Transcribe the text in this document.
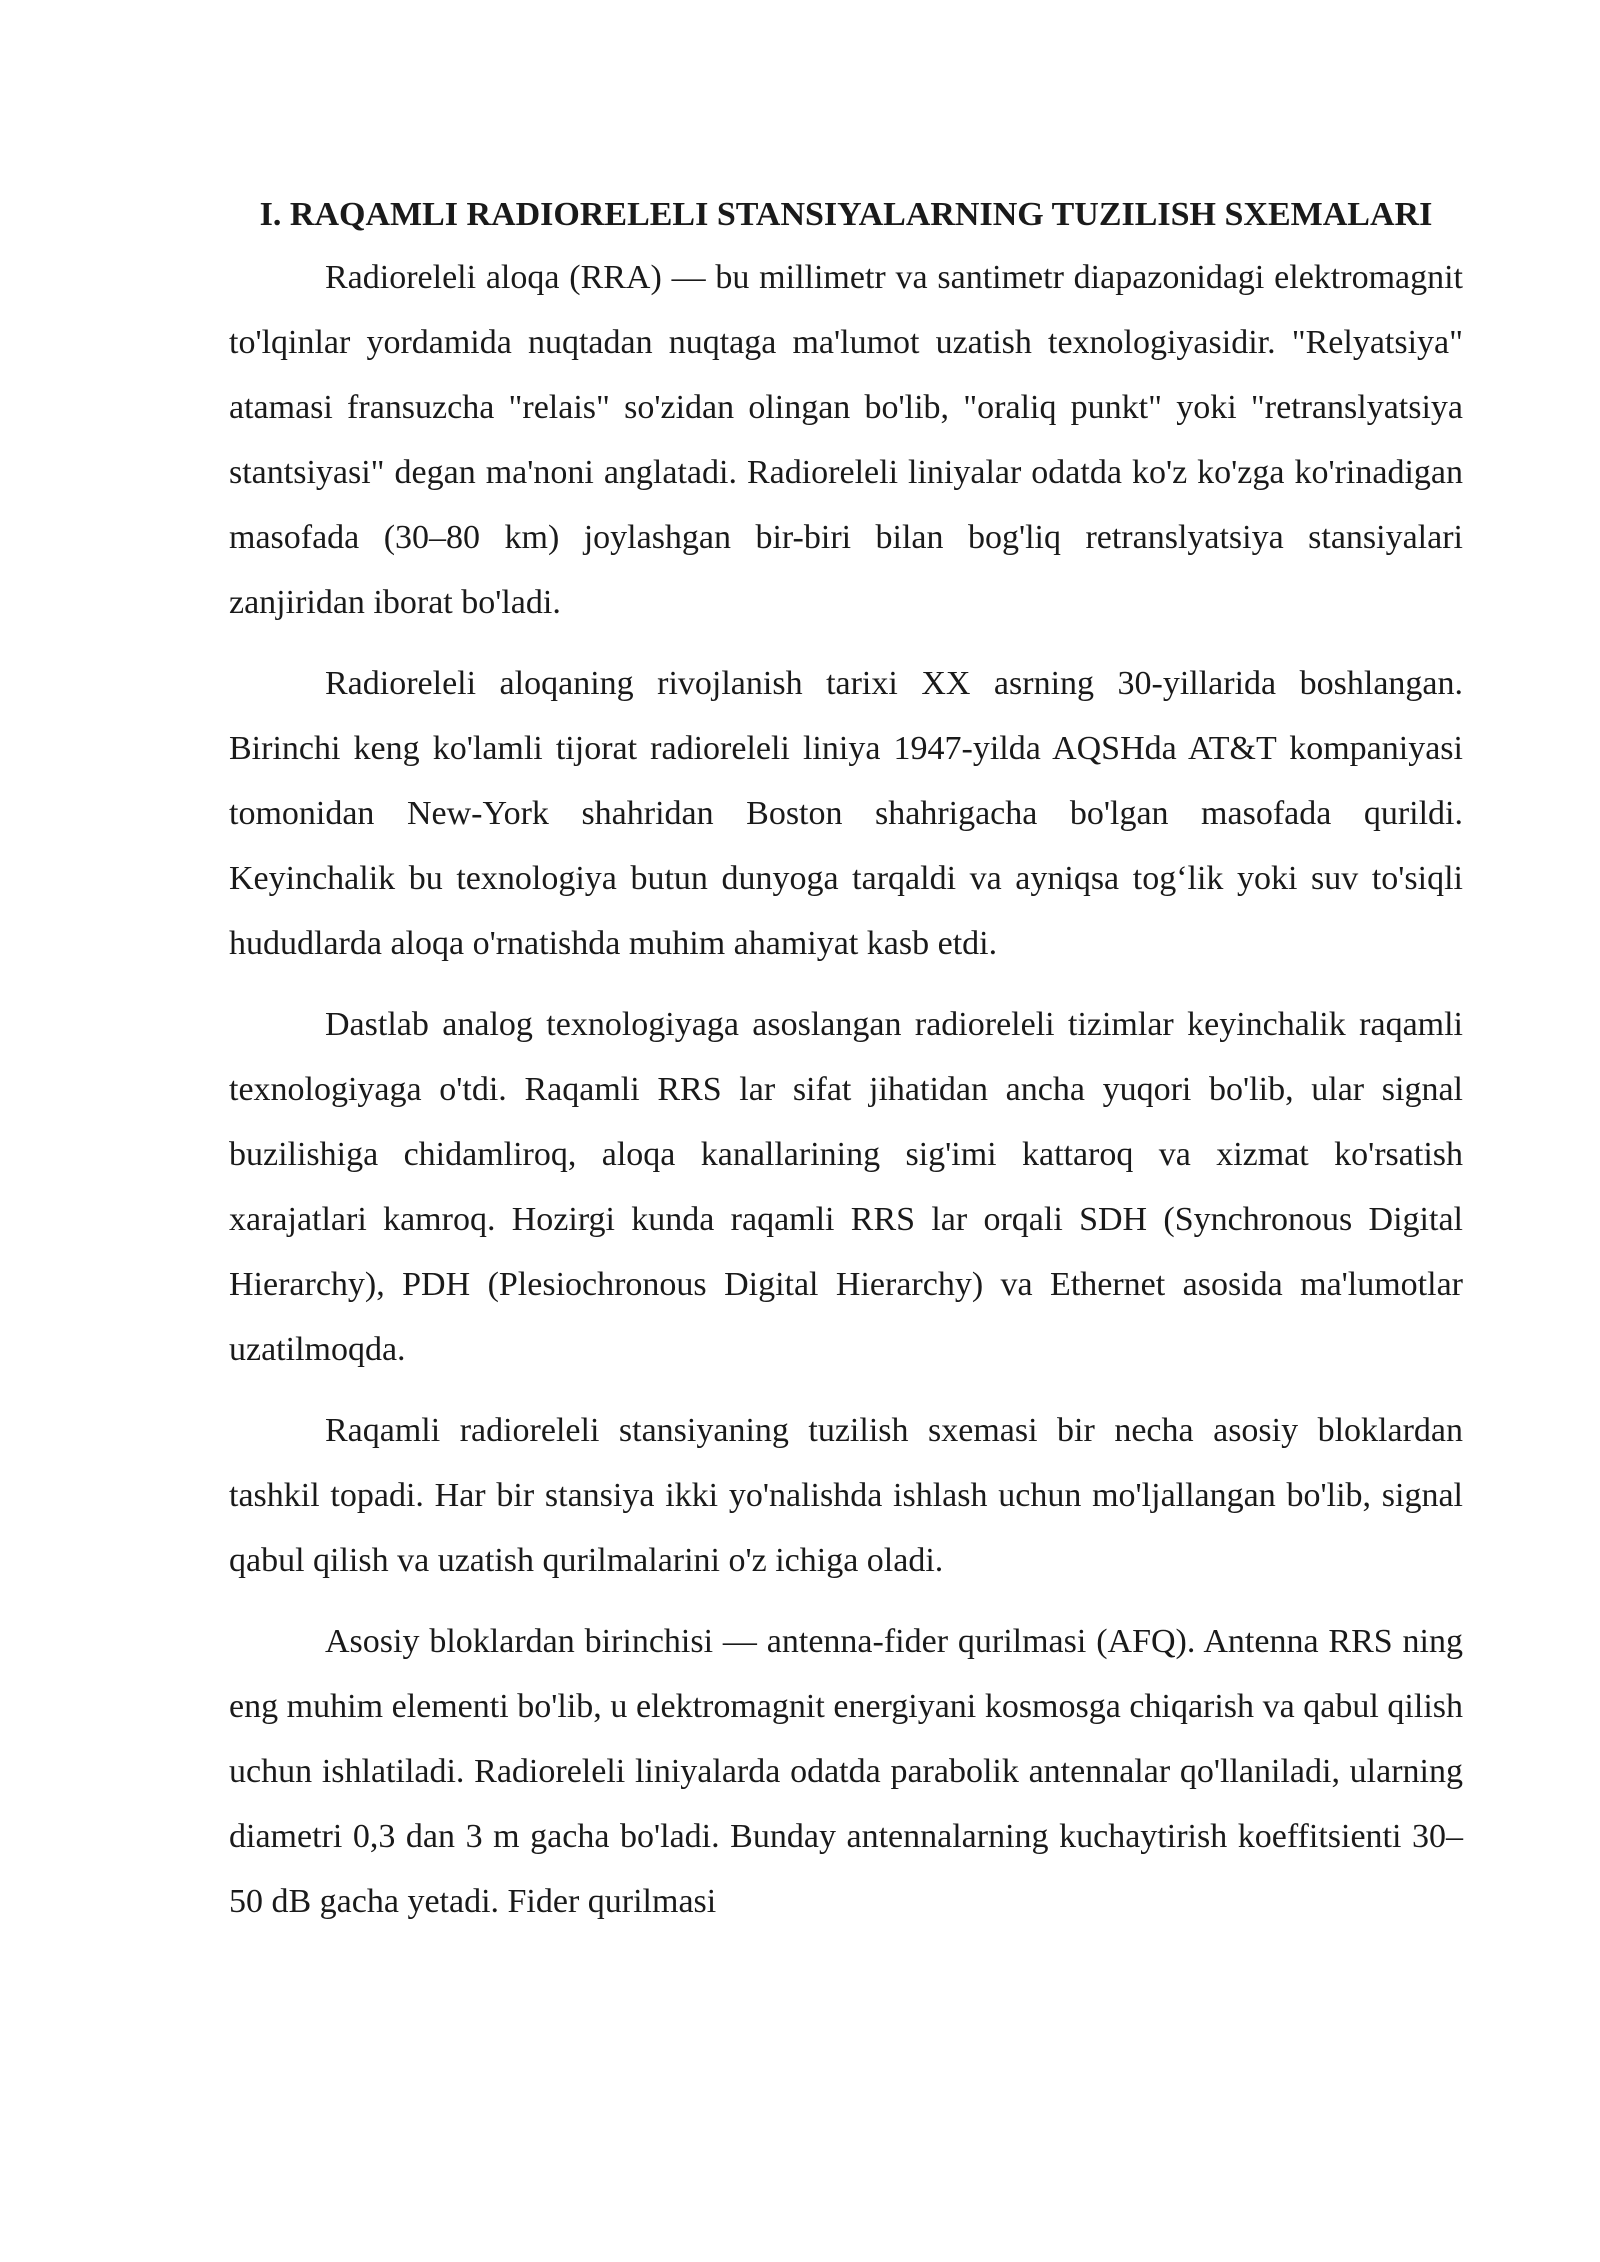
I. RAQAMLI RADIORELELI STANSIYALARNING TUZILISH SXEMALARI

Radioreleli aloqa (RRA) — bu millimetr va santimetr diapazonidagi elektromagnit to'lqinlar yordamida nuqtadan nuqtaga ma'lumot uzatish texnologiyasidir. "Relyatsiya" atamasi fransuzcha "relais" so'zidan olingan bo'lib, "oraliq punkt" yoki "retranslyatsiya stantsiyasi" degan ma'noni anglatadi. Radioreleli liniyalar odatda ko'z ko'zga ko'rinadigan masofada (30–80 km) joylashgan bir-biri bilan bog'liq retranslyatsiya stansiyalari zanjiridan iborat bo'ladi.

Radioreleli aloqaning rivojlanish tarixi XX asrning 30-yillarida boshlangan. Birinchi keng ko'lamli tijorat radioreleli liniya 1947-yilda AQSHda AT&T kompaniyasi tomonidan New-York shahridan Boston shahrigacha bo'lgan masofada qurildi. Keyinchalik bu texnologiya butun dunyoga tarqaldi va ayniqsa tog‘lik yoki suv to'siqli hududlarda aloqa o'rnatishda muhim ahamiyat kasb etdi.

Dastlab analog texnologiyaga asoslangan radioreleli tizimlar keyinchalik raqamli texnologiyaga o'tdi. Raqamli RRS lar sifat jihatidan ancha yuqori bo'lib, ular signal buzilishiga chidamliroq, aloqa kanallarining sig'imi kattaroq va xizmat ko'rsatish xarajatlari kamroq. Hozirgi kunda raqamli RRS lar orqali SDH (Synchronous Digital Hierarchy), PDH (Plesiochronous Digital Hierarchy) va Ethernet asosida ma'lumotlar uzatilmoqda.

Raqamli radioreleli stansiyaning tuzilish sxemasi bir necha asosiy bloklardan tashkil topadi. Har bir stansiya ikki yo'nalishda ishlash uchun mo'ljallangan bo'lib, signal qabul qilish va uzatish qurilmalarini o'z ichiga oladi.

Asosiy bloklardan birinchisi — antenna-fider qurilmasi (AFQ). Antenna RRS ning eng muhim elementi bo'lib, u elektromagnit energiyani kosmosga chiqarish va qabul qilish uchun ishlatiladi. Radioreleli liniyalarda odatda parabolik antennalar qo'llaniladi, ularning diametri 0,3 dan 3 m gacha bo'ladi. Bunday antennalarning kuchaytirish koeffitsienti 30–50 dB gacha yetadi. Fider qurilmasi
